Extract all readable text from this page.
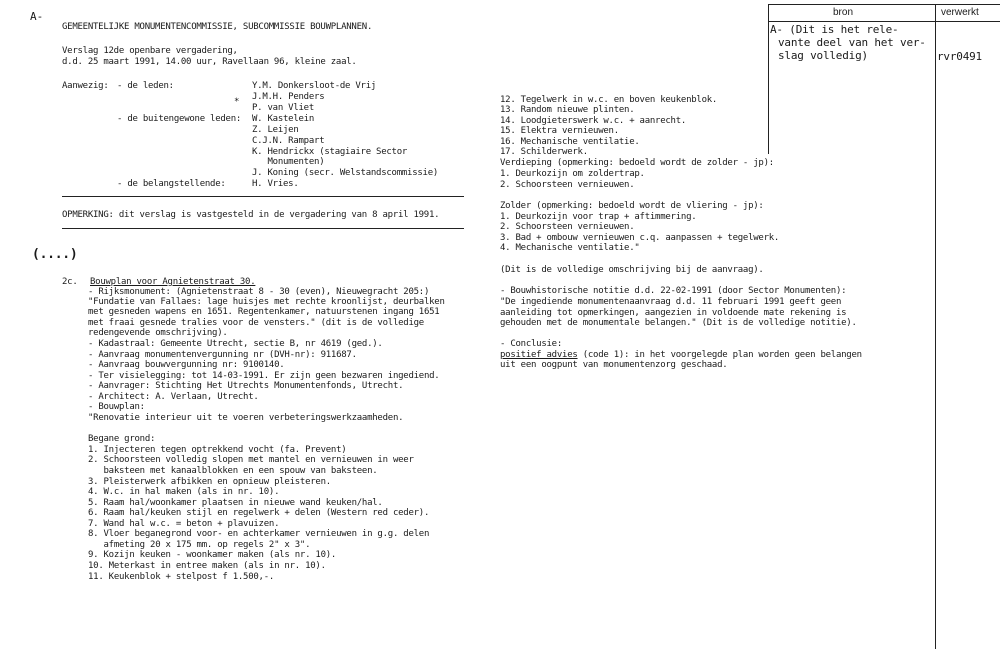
A-
GEMEENTELIJKE MONUMENTENCOMMISSIE, SUBCOMMISSIE BOUWPLANNEN.
Verslag 12de openbare vergadering,
d.d. 25 maart 1991, 14.00 uur, Ravellaan 96, kleine zaal.
Aanwezig: - de leden:	Y.M. Donkersloot-de Vrij
J.M.H. Penders
*
P. van Vliet
- de buitengewone leden: W. Kastelein
Z. Leijen
C.J.N. Rampart
K. Hendrickx (stagiaire Sector
Monumenten)
J. Koning (secr. Welstandscommissie)
- de belangstellende:	H. Vries.
OPMERKING: dit verslag is vastgesteld in de vergadering van 8 april 1991.
(....)
2c. Bouwplan voor Agnietenstraat 30.
- Rijksmonument: (Agnietenstraat 8 - 30 (even), Nieuwegracht 205:)
"Fundatie van Fallaes: lage huisjes met rechte kroonlijst, deurbalken
met gesneden wapens en 1651. Regentenkamer, natuurstenen ingang 1651
met fraai gesnede tralies voor de vensters." (dit is de volledige
redengevende omschrijving).
- Kadastraal: Gemeente Utrecht, sectie B, nr 4619 (ged.).
- Aanvraag monumentenvergunning nr (DVH-nr): 911687.
- Aanvraag bouwvergunning nr: 9100140.
- Ter visielegging: tot 14-03-1991. Er zijn geen bezwaren ingediend.
- Aanvrager: Stichting Het Utrechts Monumentenfonds, Utrecht.
- Architect: A. Verlaan, Utrecht.
- Bouwplan:
"Renovatie interieur uit te voeren verbeteringswerkzaamheden.
Begane grond:
1. Injecteren tegen optrekkend vocht (fa. Prevent)
2. Schoorsteen volledig slopen met mantel en vernieuwen in weer
baksteen met kanaalblokken en een spouw van baksteen.
3. Pleisterwerk afbikken en opnieuw pleisteren.
4. W.c. in hal maken (als in nr. 10).
5. Raam hal/woonkamer plaatsen in nieuwe wand keuken/hal.
6. Raam hal/keuken stijl en regelwerk + delen (Western red ceder).
7. Wand hal w.c. = beton + plavuizen.
8. Vloer beganegrond voor- en achterkamer vernieuwen in g.g. delen
afmeting 20 x 175 mm. op regels 2" x 3".
9. Kozijn keuken - woonkamer maken (als nr. 10).
10. Meterkast in entree maken (als in nr. 10).
11. Keukenblok + stelpost f 1.500,-.
12. Tegelwerk in w.c. en boven keukenblok.
13. Random nieuwe plinten.
14. Loodgieterswerk w.c. + aanrecht.
15. Elektra vernieuwen.
16. Mechanische ventilatie.
17. Schilderwerk.
Verdieping (opmerking: bedoeld wordt de zolder - jp):
1. Deurkozijn om zoldertrap.
2. Schoorsteen vernieuwen.
Zolder (opmerking: bedoeld wordt de vliering - jp):
1. Deurkozijn voor trap + aftimmering.
2. Schoorsteen vernieuwen.
3. Bad + ombouw vernieuwen c.q. aanpassen + tegelwerk.
4. Mechanische ventilatie."
(Dit is de volledige omschrijving bij de aanvraag).
- Bouwhistorische notitie d.d. 22-02-1991 (door Sector Monumenten):
"De ingediende monumentenaanvraag d.d. 11 februari 1991 geeft geen
aanleiding tot opmerkingen, aangezien in voldoende mate rekening is
gehouden met de monumentale belangen." (Dit is de volledige notitie).
- Conclusie:
positief advies (code 1): in het voorgelegde plan worden geen belangen
uit een oogpunt van monumentenzorg geschaad.
bron	verwerkt
A- (Dit is het rele-
vante deel van het ver-
slag volledig)	rvr0491
